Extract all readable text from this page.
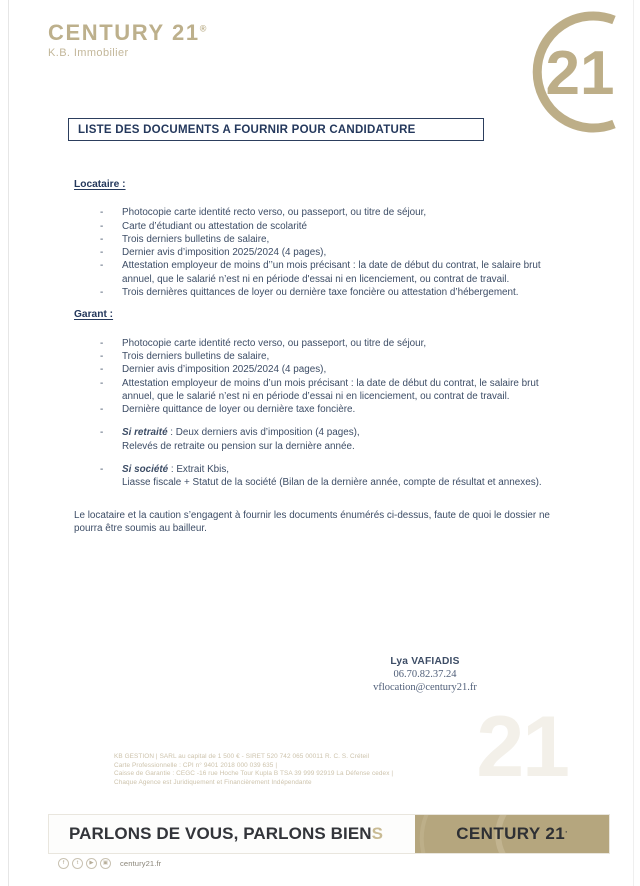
CENTURY 21®
K.B. Immobilier	21
21
LISTE DES DOCUMENTS A FOURNIR POUR CANDIDATURE
Locataire :
- Photocopie carte identité recto verso, ou passeport, ou titre de séjour,
- Carte d’étudiant ou attestation de scolarité
- Trois derniers bulletins de salaire,
- Dernier avis d’imposition 2025/2024 (4 pages),
- Attestation employeur de moins d’’un mois précisant : la date de début du contrat, le salaire brut annuel, que le salarié n’est ni en période d'essai ni en licenciement, ou contrat de travail.
- Trois dernières quittances de loyer ou dernière taxe foncière ou attestation d’hébergement.
Garant :
- Photocopie carte identité recto verso, ou passeport, ou titre de séjour,
- Trois derniers bulletins de salaire,
- Dernier avis d’imposition 2025/2024 (4 pages),
- Attestation employeur de moins d’un mois précisant : la date de début du contrat, le salaire brut annuel, que le salarié n’est ni en période d’essai ni en licenciement, ou contrat de travail.
- Dernière quittance de loyer ou dernière taxe foncière.
- Si retraité : Deux derniers avis d’imposition (4 pages),
Relevés de retraite ou pension sur la dernière année.
- Si société : Extrait Kbis,
Liasse fiscale + Statut de la société (Bilan de la dernière année, compte de résultat et annexes).
Le locataire et la caution s’engagent à fournir les documents énumérés ci-dessus, faute de quoi le dossier ne pourra être soumis au bailleur.
Lya VAFIADIS
06.70.82.37.24
vflocation@century21.fr
KB GESTION | SARL au capital de 1 500 € - SIRET 520 742 065 00011 R. C. S. Créteil
Carte Professionnelle : CPI n° 9401 2018 000 039 635 |
Caisse de Garantie : CEGC -16 rue Hoche Tour Kupla B TSA 39 999 92919 La Défense cedex |
Chaque Agence est Juridiquement et Financièrement Indépendante
PARLONS DE VOUS, PARLONS BIENS	CENTURY 21.
f	t	▶	▣	century21.fr
